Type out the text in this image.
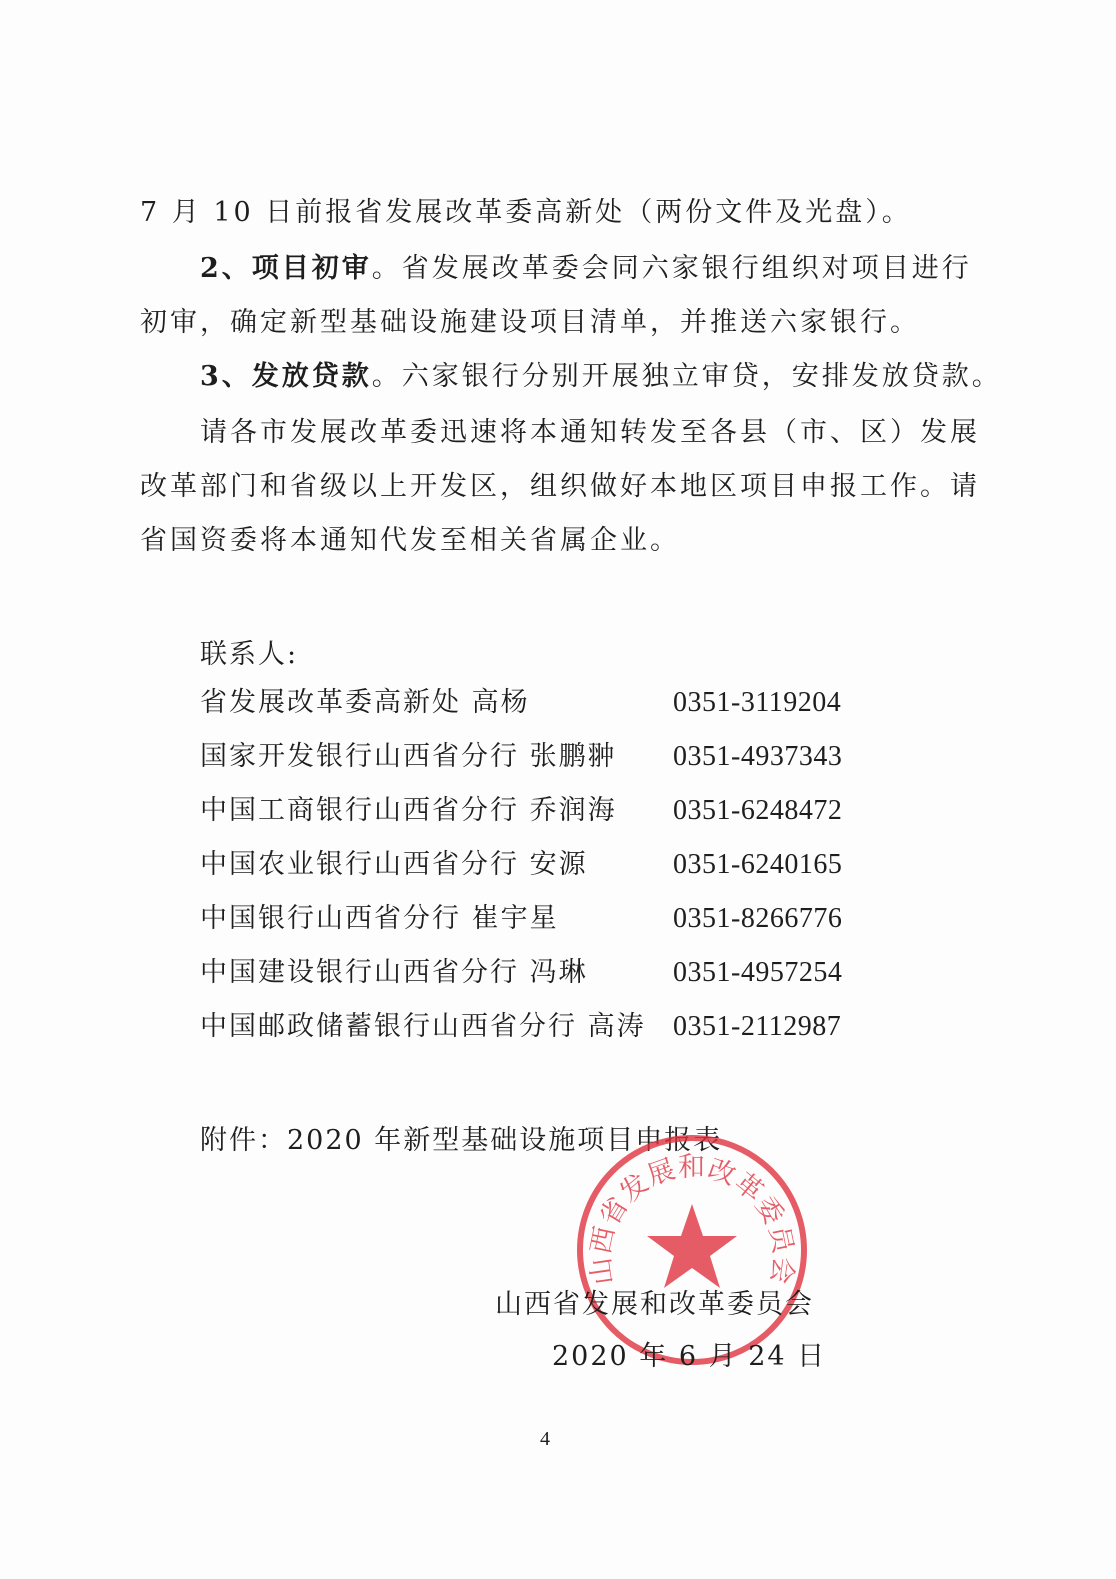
7 月 10 日前报省发展改革委高新处（两份文件及光盘）。
2、项目初审。省发展改革委会同六家银行组织对项目进行
初审，确定新型基础设施建设项目清单，并推送六家银行。
3、发放贷款。六家银行分别开展独立审贷，安排发放贷款。
请各市发展改革委迅速将本通知转发至各县（市、区）发展
改革部门和省级以上开发区，组织做好本地区项目申报工作。请
省国资委将本通知代发至相关省属企业。
联系人:
省发展改革委高新处 高杨	0351-3119204
国家开发银行山西省分行 张鹏翀 0351-4937343
中国工商银行山西省分行 乔润海 0351-6248472
中国农业银行山西省分行 安源	0351-6240165
中国银行山西省分行 崔宇星	0351-8266776
中国建设银行山西省分行 冯琳	0351-4957254
中国邮政储蓄银行山西省分行 高涛 0351-2112987
附件：2020 年新型基础设施项目申报表
山西省发展和改革委员会
山西省发展和改革委员会
2020 年 6 月 24 日
4
